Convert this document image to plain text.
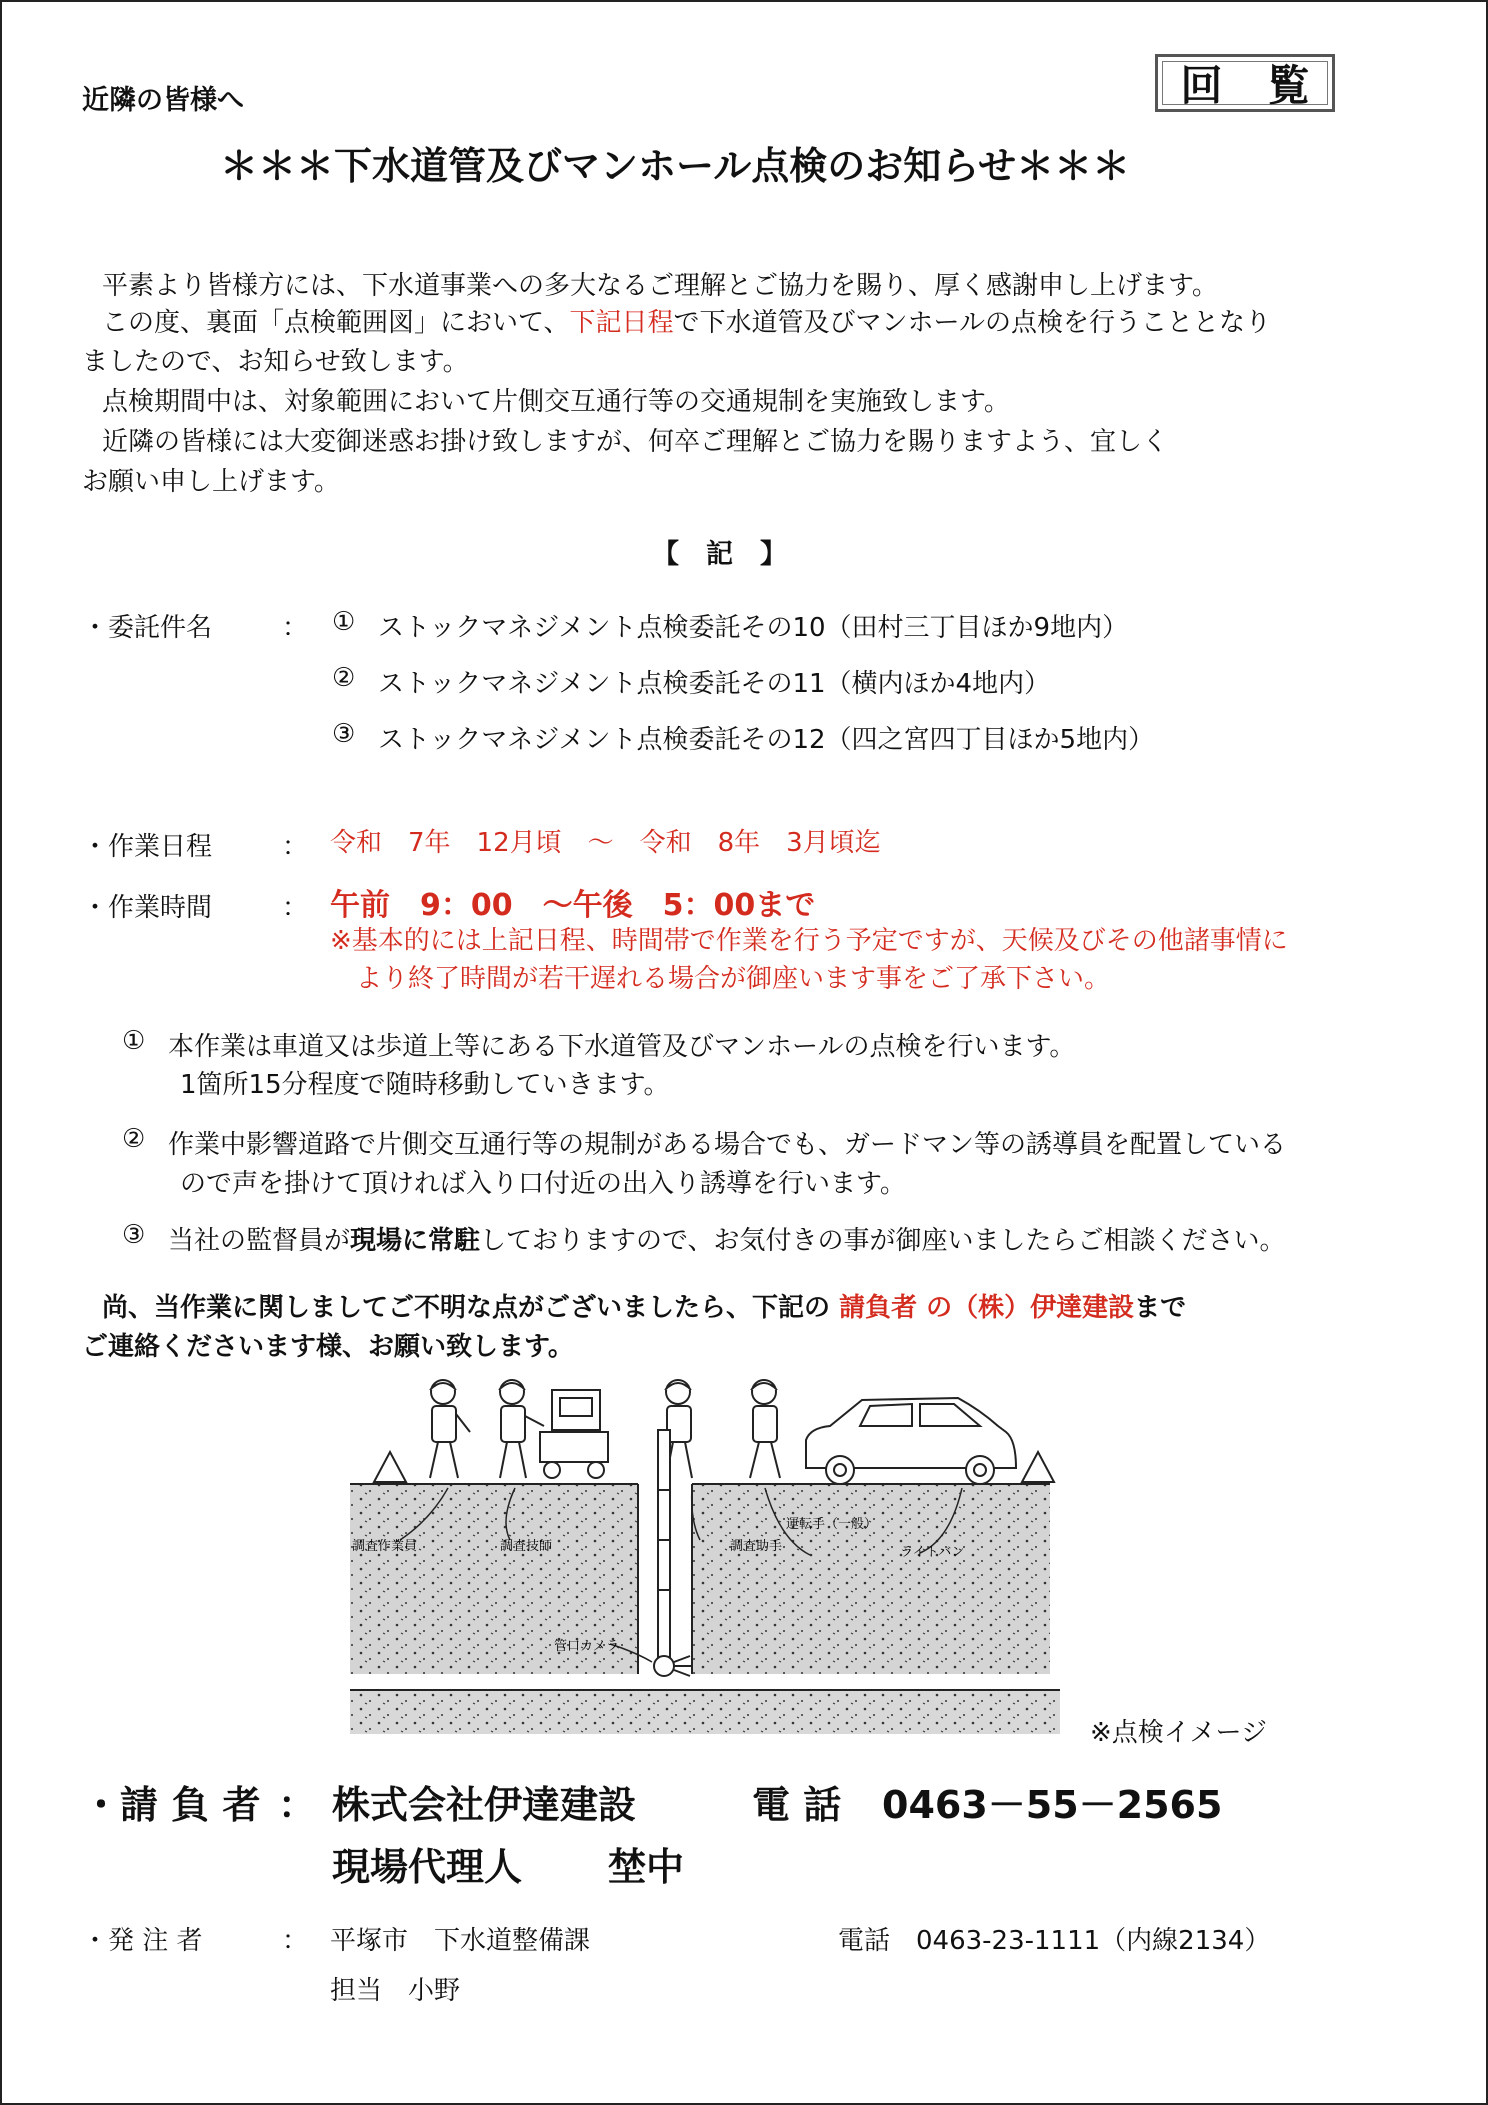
近隣の皆様へ	回 覧
＊＊＊下水道管及びマンホール点検のお知らせ＊＊＊
平素より皆様方には、下水道事業への多大なるご理解とご協力を賜り、厚く感謝申し上げます。
この度、裏面「点検範囲図」において、下記日程で下水道管及びマンホールの点検を行うこととなり
ましたので、お知らせ致します。
点検期間中は、対象範囲において片側交互通行等の交通規制を実施致します。
近隣の皆様には大変御迷惑お掛け致しますが、何卒ご理解とご協力を賜りますよう、宜しく
お願い申し上げます。
【　記　】
・委託件名	： ① ストックマネジメント点検委託その10（田村三丁目ほか9地内）
② ストックマネジメント点検委託その11（横内ほか4地内）
③ ストックマネジメント点検委託その12（四之宮四丁目ほか5地内）
・作業日程	： 令和　7年　12月頃　～　令和　8年　3月頃迄
・作業時間	： 午前　9：00　～午後　5：00まで
※基本的には上記日程、時間帯で作業を行う予定ですが、天候及びその他諸事情に
より終了時間が若干遅れる場合が御座います事をご了承下さい。
① 本作業は車道又は歩道上等にある下水道管及びマンホールの点検を行います。
1箇所15分程度で随時移動していきます。
② 作業中影響道路で片側交互通行等の規制がある場合でも、ガードマン等の誘導員を配置している
ので声を掛けて頂ければ入り口付近の出入り誘導を行います。
③ 当社の監督員が現場に常駐しておりますので、お気付きの事が御座いましたらご相談ください。
尚、当作業に関しましてご不明な点がございましたら、下記の 請負者 の（株）伊達建設まで
ご連絡くださいます様、お願い致します。
調査作業員	調査技師
運転手（一般）
調査助手	ライトバン
管口カメラ
※点検イメージ
・請 負 者 ： 株式会社伊達建設	電 話 0463－55－2565
現場代理人 埜中
・発 注 者	： 平塚市　下水道整備課	電話　0463-23-1111（内線2134）
担当　小野
